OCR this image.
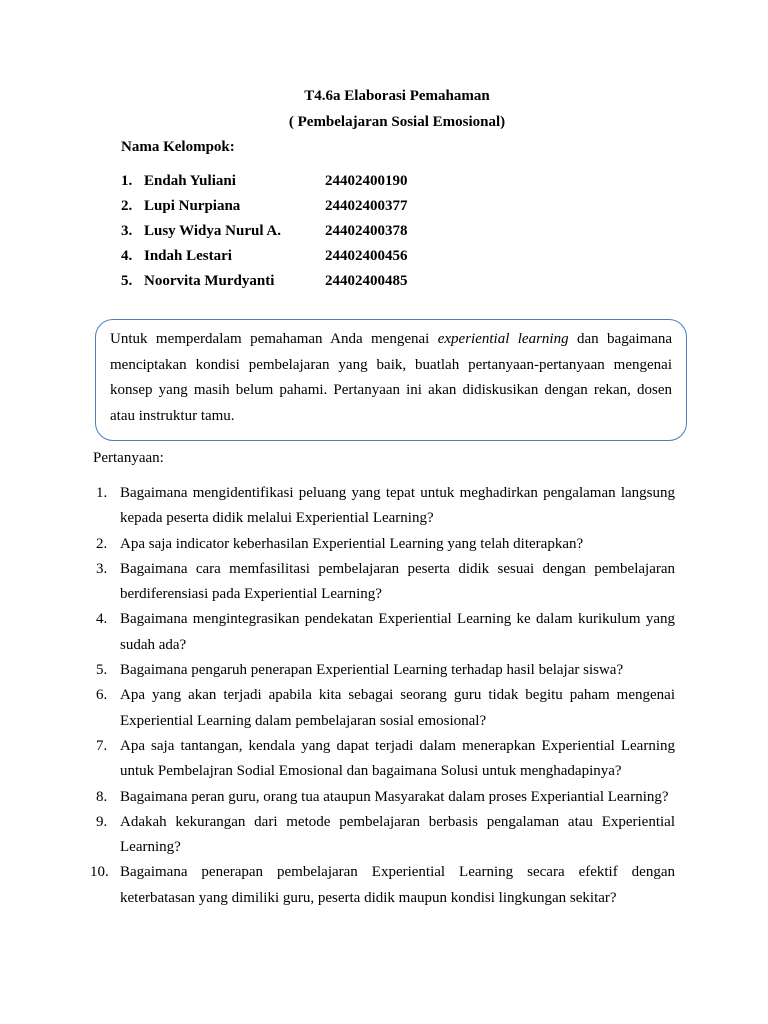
T4.6a Elaborasi Pemahaman
( Pembelajaran Sosial Emosional)
Nama Kelompok:
1. Endah Yuliani	24402400190
2. Lupi Nurpiana	24402400377
3. Lusy Widya Nurul A.	24402400378
4. Indah Lestari	24402400456
5. Noorvita Murdyanti	24402400485
Untuk memperdalam pemahaman Anda mengenai experiential learning dan bagaimana menciptakan kondisi pembelajaran yang baik, buatlah pertanyaan-pertanyaan mengenai konsep yang masih belum pahami. Pertanyaan ini akan didiskusikan dengan rekan, dosen atau instruktur tamu.
Pertanyaan:
1. Bagaimana mengidentifikasi peluang yang tepat untuk meghadirkan pengalaman langsung kepada peserta didik melalui Experiential Learning?
2. Apa saja indicator keberhasilan Experiential Learning yang telah diterapkan?
3. Bagaimana cara memfasilitasi pembelajaran peserta didik sesuai dengan pembelajaran berdiferensiasi pada Experiential Learning?
4. Bagaimana mengintegrasikan pendekatan Experiential Learning ke dalam kurikulum yang sudah ada?
5. Bagaimana pengaruh penerapan Experiential Learning terhadap hasil belajar siswa?
6. Apa yang akan terjadi apabila kita sebagai seorang guru tidak begitu paham mengenai Experiential Learning dalam pembelajaran sosial emosional?
7. Apa saja tantangan, kendala yang dapat terjadi dalam menerapkan Experiential Learning untuk Pembelajran Sodial Emosional dan bagaimana Solusi untuk menghadapinya?
8. Bagaimana peran guru, orang tua ataupun Masyarakat dalam proses Experiantial Learning?
9. Adakah kekurangan dari metode pembelajaran berbasis pengalaman atau Experiential Learning?
10. Bagaimana penerapan pembelajaran Experiential Learning secara efektif dengan keterbatasan yang dimiliki guru, peserta didik maupun kondisi lingkungan sekitar?
